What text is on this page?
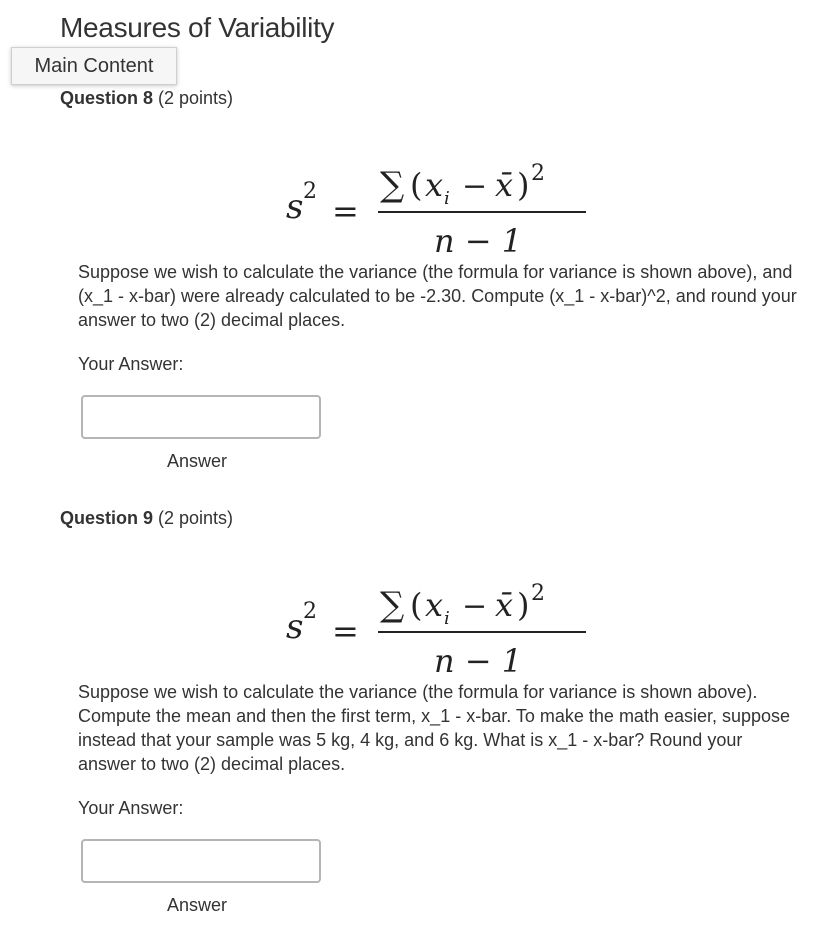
Measures of Variability
Main Content
Question 8 (2 points)
s 2
=
∑ ( x i − x̄ ) 2
n − 1
Suppose we wish to calculate the variance (the formula for variance is shown above), and (x_1 - x-bar) were already calculated to be -2.30. Compute (x_1 - x-bar)^2, and round your answer to two (2) decimal places.
Your Answer:
Answer
Question 9 (2 points)
s 2
=
∑ ( x i − x̄ ) 2
n − 1
Suppose we wish to calculate the variance (the formula for variance is shown above). Compute the mean and then the first term, x_1 - x-bar. To make the math easier, suppose instead that your sample was 5 kg, 4 kg, and 6 kg. What is x_1 - x-bar? Round your answer to two (2) decimal places.
Your Answer:
Answer
